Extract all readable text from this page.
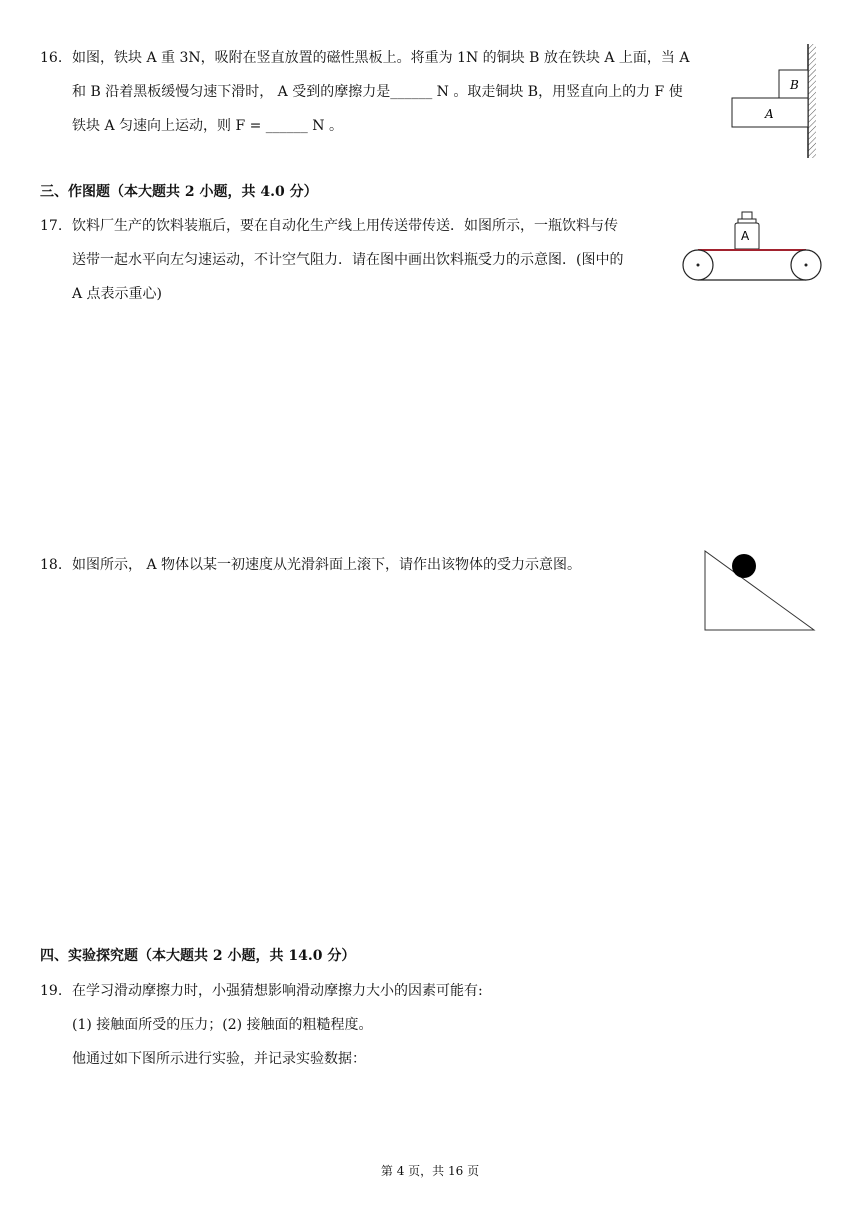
16. 如图，铁块 A 重 3N，吸附在竖直放置的磁性黑板上。将重为 1N 的铜块 B 放在铁块 A 上面，当 A
和 B 沿着黑板缓慢匀速下滑时， A 受到的摩擦力是______ N 。取走铜块 B，用竖直向上的力 F 使
铁块 A 匀速向上运动，则 F = ______ N 。
A
B
三、作图题（本大题共 2 小题，共 4.0 分）
17. 饮料厂生产的饮料装瓶后，要在自动化生产线上用传送带传送．如图所示，一瓶饮料与传
送带一起水平向左匀速运动，不计空气阻力．请在图中画出饮料瓶受力的示意图．(图中的
A 点表示重心)
A
18. 如图所示， A 物体以某一初速度从光滑斜面上滚下，请作出该物体的受力示意图。
四、实验探究题（本大题共 2 小题，共 14.0 分）
19. 在学习滑动摩擦力时，小强猜想影响滑动摩擦力大小的因素可能有:
(1) 接触面所受的压力；(2) 接触面的粗糙程度。
他通过如下图所示进行实验，并记录实验数据：
第 4 页，共 16 页
